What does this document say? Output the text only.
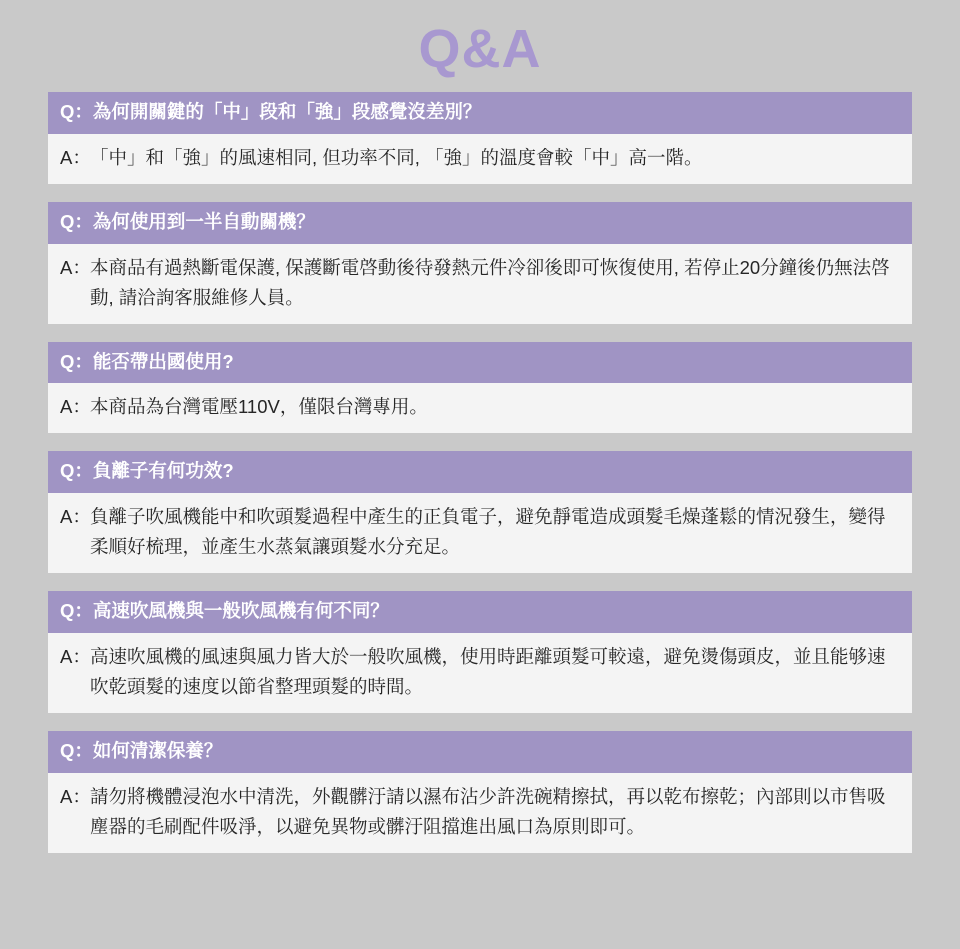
Q&A
Q：為何開關鍵的「中」段和「強」段感覺沒差別？
A： 「中」和「強」的風速相同, 但功率不同, 「強」的溫度會較「中」高一階。
Q：為何使用到一半自動關機？
A： 本商品有過熱斷電保護, 保護斷電啓動後待發熱元件冷卻後即可恢復使用, 若停止20分鐘後仍無法啓動, 請洽詢客服維修人員。
Q：能否帶出國使用?
A： 本商品為台灣電壓110V，僅限台灣專用。
Q：負離子有何功效?
A： 負離子吹風機能中和吹頭髮過程中產生的正負電子，避免靜電造成頭髮毛燥蓬鬆的情況發生，變得柔順好梳理，並產生水蒸氣讓頭髮水分充足。
Q：高速吹風機與一般吹風機有何不同？
A： 高速吹風機的風速與風力皆大於一般吹風機，使用時距離頭髮可較遠，避免燙傷頭皮，並且能够速吹乾頭髮的速度以節省整理頭髮的時間。
Q：如何清潔保養？
A： 請勿將機體浸泡水中清洗，外觀髒汙請以濕布沾少許洗碗精擦拭，再以乾布擦乾；內部則以市售吸塵器的毛刷配件吸淨，以避免異物或髒汙阻擋進出風口為原則即可。
